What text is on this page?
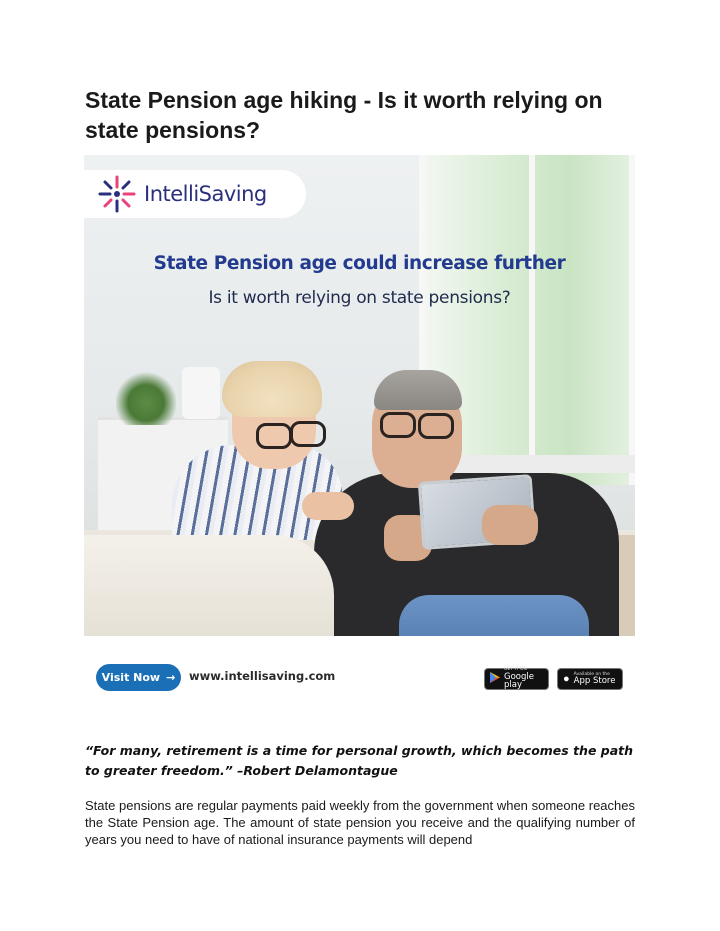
State Pension age hiking - Is it worth relying on state pensions?
IntelliSaving
State Pension age could increase further
Is it worth relying on state pensions?
Visit Now → www.intellisaving.com	GET IT ON
Google play
● Available on the
App Store

“For many, retirement is a time for personal growth, which becomes the path to greater freedom.” –Robert Delamontague

State pensions are regular payments paid weekly from the government when someone reaches the State Pension age. The amount of state pension you receive and the qualifying number of years you need to have of national insurance payments will depend
